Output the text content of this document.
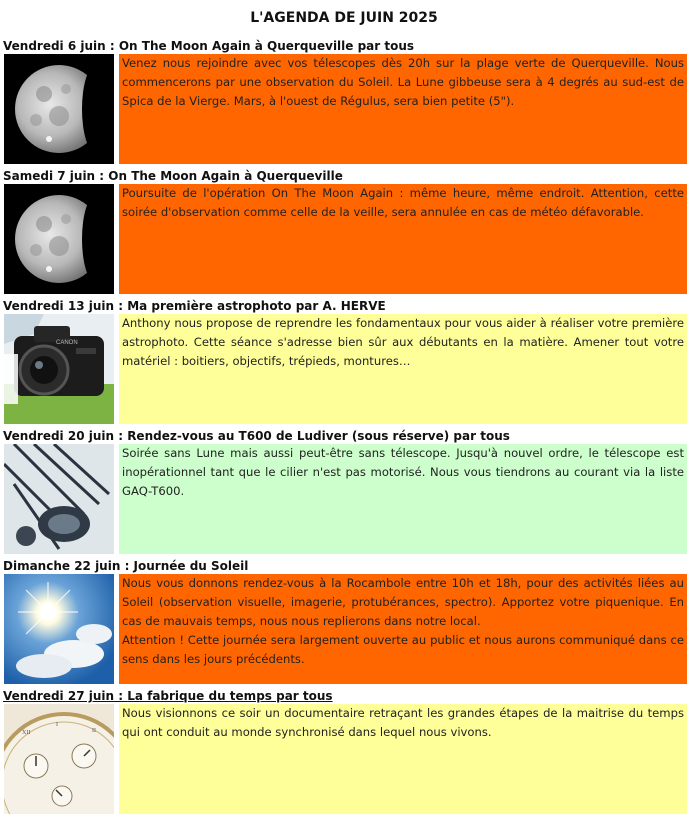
L'AGENDA DE JUIN 2025
Vendredi 6 juin : On The Moon Again à Querqueville par tous
Venez nous rejoindre avec vos télescopes dès 20h sur la plage verte de Querqueville. Nous commencerons par une observation du Soleil. La Lune gibbeuse sera à 4 degrés au sud-est de Spica de la Vierge. Mars, à l'ouest de Régulus, sera bien petite (5").
Samedi 7 juin : On The Moon Again à Querqueville
Poursuite de l'opération On The Moon Again : même heure, même endroit. Attention, cette soirée d'observation comme celle de la veille, sera annulée en cas de météo défavorable.
Vendredi 13 juin : Ma première astrophoto par A. HERVE
CANON
Anthony nous propose de reprendre les fondamentaux pour vous aider à réaliser votre première astrophoto. Cette séance s'adresse bien sûr aux débutants en la matière. Amener tout votre matériel : boitiers, objectifs, trépieds, montures…
Vendredi 20 juin : Rendez-vous au T600 de Ludiver (sous réserve) par tous
Soirée sans Lune mais aussi peut-être sans télescope. Jusqu'à nouvel ordre, le télescope est inopérationnel tant que le cilier n'est pas motorisé. Nous vous tiendrons au courant via la liste GAQ-T600.
Dimanche 22 juin : Journée du Soleil
Nous vous donnons rendez-vous à la Rocambole entre 10h et 18h, pour des activités liées au Soleil (observation visuelle, imagerie, protubérances, spectro). Apportez votre piquenique. En cas de mauvais temps, nous nous replierons dans notre local.
Attention ! Cette journée sera largement ouverte au public et nous aurons communiqué dans ce sens dans les jours précédents.
Vendredi 27 juin : La fabrique du temps par tous
XII
I
II
Nous visionnons ce soir un documentaire retraçant les grandes étapes de la maitrise du temps qui ont conduit au monde synchronisé dans lequel nous vivons.
